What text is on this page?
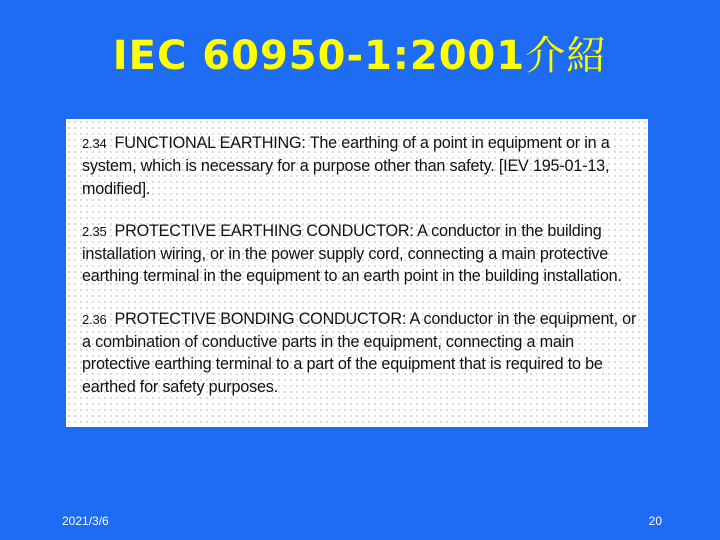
IEC 60950-1:2001介紹

2.34 FUNCTIONAL EARTHING: The earthing of a point in equipment or in a system, which is necessary for a purpose other than safety. [IEV 195-01-13, modified].

2.35 PROTECTIVE EARTHING CONDUCTOR: A conductor in the building installation wiring, or in the power supply cord, connecting a main protective earthing terminal in the equipment to an earth point in the building installation.

2.36 PROTECTIVE BONDING CONDUCTOR: A conductor in the equipment, or a combination of conductive parts in the equipment, connecting a main protective earthing terminal to a part of the equipment that is required to be earthed for safety purposes.

2021/3/6	20
